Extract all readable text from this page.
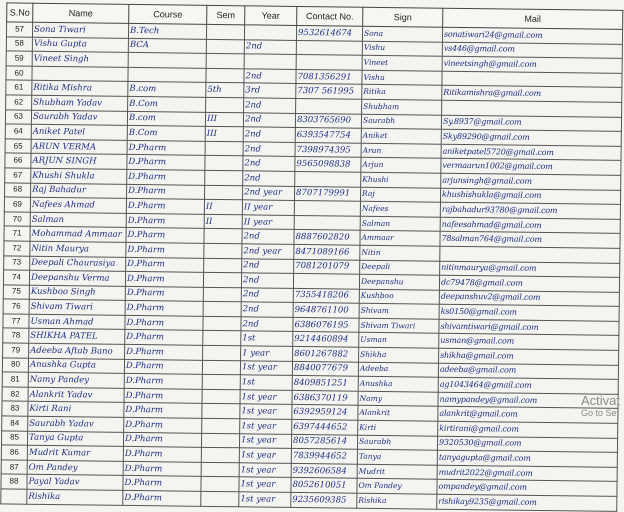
S.No	Name	Course	Sem	Year	Contact No.	Sign	Mail
57	Sona Tiwari	B.Tech			9532614674	Sona	sonatiwari24@gmail.com
58	Vishu Gupta	BCA		2nd		Vishu	vs446@gmail.com
59	Vineet Singh					Vineet	vineetsingh@gmail.com
60				2nd	7081356291	Vishu	
61	Ritika Mishra	B.com	5th	3rd	7307 561995	Ritika	Ritikamishra@gmail.com
62	Shubham Yadav	B.Com		2nd		Shubham	
63	Saurabh Yadav	B.com	III	2nd	8303765690	Saurabh	Sy.8937@gmail.com
64	Aniket Patel	B.Com	III	2nd	6393547754	Aniket	Sky89290@gmail.com
65	ARUN VERMA	D.Pharm		2nd	7398974395	Arun	aniketpatel5720@gmail.com
66	ARJUN SINGH	D.Pharm		2nd	9565098838	Arjun	vermaarun1002@gmail.com
67	Khushi Shukla	D.Pharm		2nd		Khushi	arjunsingh@gmail.com
68	Raj Bahadur	D.Pharm		2nd year	8707179991	Raj	khushishukla@gmail.com
69	Nafees Ahmad	D.Pharm	II	II year		Nafees	rajbahadur93780@gmail.com
70	Salman	D.Pharm	II	II year		Salman	nafeesahmad@gmail.com
71	Mohammad Ammaar	D.Pharm		2nd	8887602820	Ammaar	78salman764@gmail.com
72	Nitin Maurya	D.Pharm		2nd year	8471089166	Nitin	
73	Deepali Chaurasiya	D.Pharm		2nd	7081201079	Deepali	nitinmaurya@gmail.com
74	Deepanshu Verma	D.Pharm		2nd		Deepanshu	dc79478@gmail.com
75	Kushboo Singh	D.Pharm		2nd	7355418206	Kushboo	deepanshuv2@gmail.com
76	Shivam Tiwari	D.Pharm		2nd	9648761100	Shivam	ks0150@gmail.com
77	Usman Ahmad	D.Pharm		2nd	6386076195	Shivam Tiwari	shivamtiwari@gmail.com
78	SHIKHA PATEL	D.Pharm		1st	9214460894	Usman	usman@gmail.com
79	Adeeba Aftab Bano	D.Pharm		1 year	8601267882	Shikha	shikha@gmail.com
80	Anushka Gupta	D.Pharm		1st year	8840077679	Adeeba	adeeba@gmail.com
81	Namy Pandey	D.Pharm		1st	8409851251	Anushka	ag1043464@gmail.com
82	Alankrit Yadav	D.Pharm		1st year	6386370119	Namy	namypandey@gmail.com
83	Kirti Rani	D.Pharm		1st year	6392959124	Alankrit	alankrit@gmail.com
84	Saurabh Yadav	D.Pharm		1st year	6397444652	Kirti	kirtirani@gmail.com
85	Tanya Gupta	D.Pharm		1st year	8057285614	Saurabh	9320530@gmail.com
86	Mudrit Kumar	D.Pharm		1st year	7839944652	Tanya	tanyagupta@gmail.com
87	Om Pandey	D.Pharm		1st year	9392606584	Mudrit	mudrit2022@gmail.com
88	Payal Yadav	D.Pharm		1st year	8052610051	Om Pandey	ompandey@gmail.com
	Rishika	D.Pharm		1st year	9235609385	Rishika	rishikay9235@gmail.com
Activat
Go to Set
